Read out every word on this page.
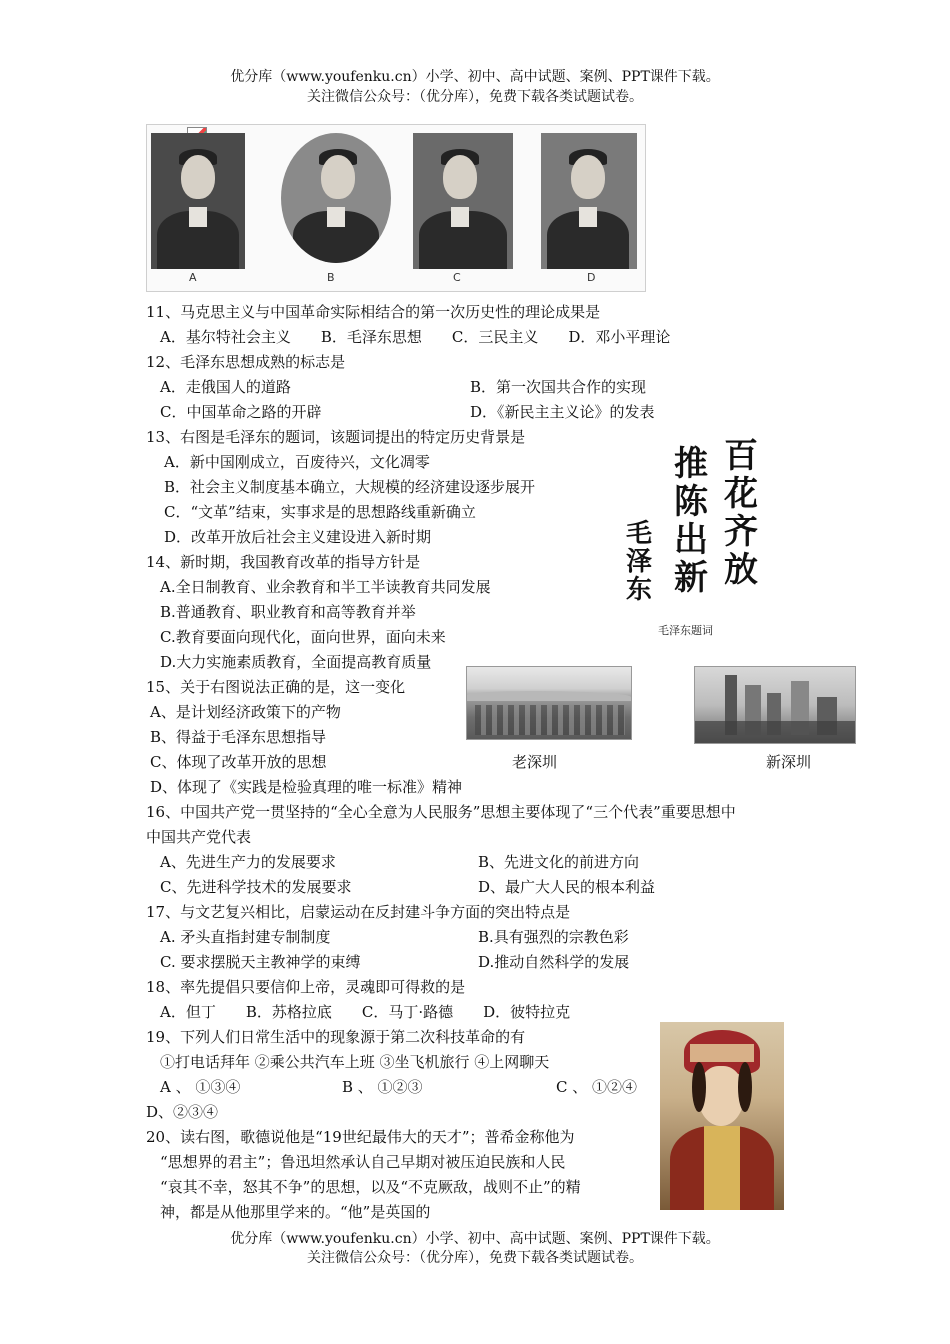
优分库（www.youfenku.cn）小学、初中、高中试题、案例、PPT课件下载。
关注微信公众号：（优分库），免费下载各类试题试卷。
A	B	C	D
11、马克思主义与中国革命实际相结合的第一次历史性的理论成果是
A．基尔特社会主义　　B．毛泽东思想　　C．三民主义　　D．邓小平理论
12、毛泽东思想成熟的标志是
A．走俄国人的道路	B．第一次国共合作的实现
C．中国革命之路的开辟	D．《新民主主义论》的发表
13、右图是毛泽东的题词，该题词提出的特定历史背景是
A．新中国刚成立，百废待兴，文化凋零
B．社会主义制度基本确立，大规模的经济建设逐步展开
C．“文革”结束，实事求是的思想路线重新确立
D．改革开放后社会主义建设进入新时期
百
花
齐
放
推
陈
出
新
毛
泽
东
毛泽东题词
14、新时期，我国教育改革的指导方针是
A.全日制教育、业余教育和半工半读教育共同发展
B.普通教育、职业教育和高等教育并举
C.教育要面向现代化，面向世界，面向未来
D.大力实施素质教育，全面提高教育质量
15、关于右图说法正确的是，这一变化
A、是计划经济政策下的产物
B、得益于毛泽东思想指导
C、体现了改革开放的思想
D、体现了《实践是检验真理的唯一标准》精神
老深圳	新深圳
16、中国共产党一贯坚持的“全心全意为人民服务”思想主要体现了“三个代表”重要思想中
中国共产党代表
A、先进生产力的发展要求	B、先进文化的前进方向
C、先进科学技术的发展要求	D、最广大人民的根本利益
17、与文艺复兴相比，启蒙运动在反封建斗争方面的突出特点是
A. 矛头直指封建专制制度	B.具有强烈的宗教色彩
C. 要求摆脱天主教神学的束缚	D.推动自然科学的发展
18、率先提倡只要信仰上帝，灵魂即可得救的是
A．但丁　　B．苏格拉底　　C．马丁·路德　　D．彼特拉克
19、下列人们日常生活中的现象源于第二次科技革命的有
①打电话拜年 ②乘公共汽车上班 ③坐飞机旅行 ④上网聊天
A 、 ①③④	B 、 ①②③	C 、 ①②④
D、②③④
20、读右图，歌德说他是“19世纪最伟大的天才”；普希金称他为
“思想界的君主”；鲁迅坦然承认自己早期对被压迫民族和人民
“哀其不幸，怒其不争”的思想，以及“不克厥敌，战则不止”的精
神，都是从他那里学来的。“他”是英国的
优分库（www.youfenku.cn）小学、初中、高中试题、案例、PPT课件下载。
关注微信公众号：（优分库），免费下载各类试题试卷。
